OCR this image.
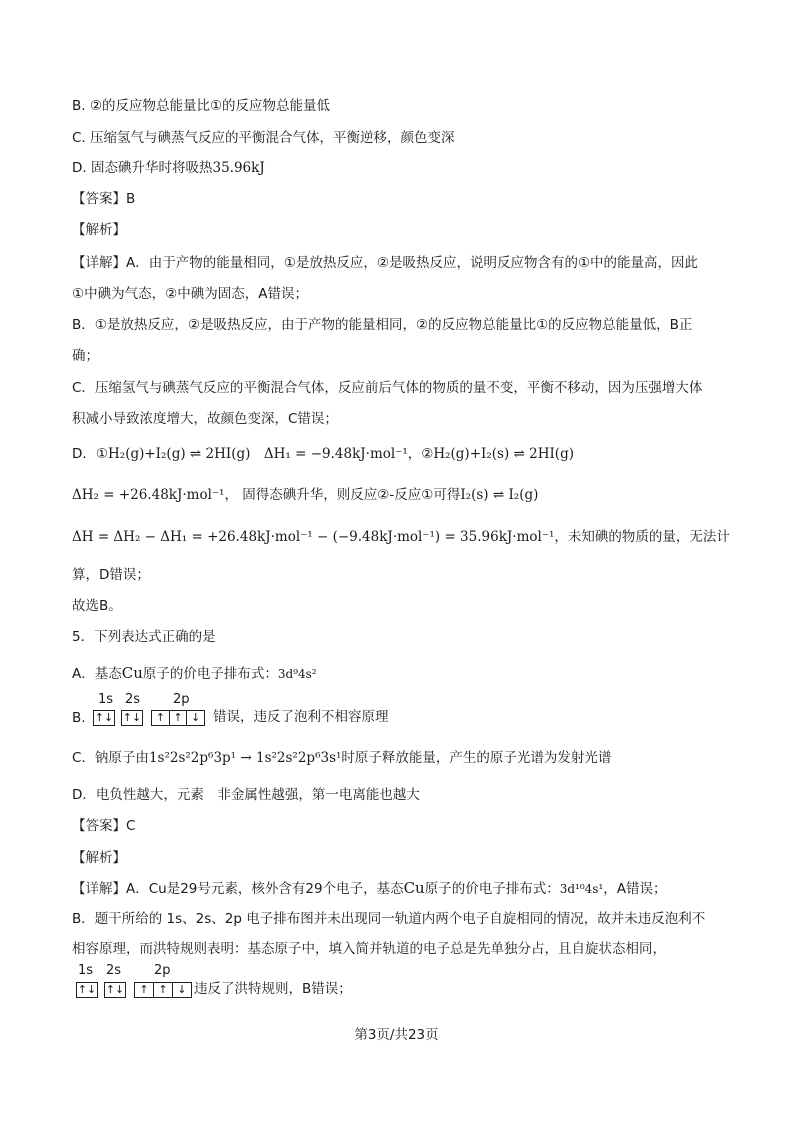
B. ②的反应物总能量比①的反应物总能量低
C. 压缩氢气与碘蒸气反应的平衡混合气体，平衡逆移，颜色变深
D. 固态碘升华时将吸热35.96kJ
【答案】B
【解析】
【详解】A．由于产物的能量相同，①是放热反应，②是吸热反应，说明反应物含有的①中的能量高，因此
①中碘为气态，②中碘为固态，A错误；
B．①是放热反应，②是吸热反应，由于产物的能量相同，②的反应物总能量比①的反应物总能量低，B正
确；
C．压缩氢气与碘蒸气反应的平衡混合气体，反应前后气体的物质的量不变，平衡不移动，因为压强增大体
积减小导致浓度增大，故颜色变深，C错误；
D．①H₂(g)+I₂(g) ⇌ 2HI(g)　ΔH₁ = −9.48kJ·mol⁻¹，②H₂(g)+I₂(s) ⇌ 2HI(g)
ΔH₂ = +26.48kJ·mol⁻¹， 固得态碘升华，则反应②-反应①可得I₂(s) ⇌ I₂(g)
ΔH = ΔH₂ − ΔH₁ = +26.48kJ·mol⁻¹ − (−9.48kJ·mol⁻¹) = 35.96kJ·mol⁻¹，未知碘的物质的量，无法计
算，D错误；
故选B。
5．下列表达式正确的是
A．基态Cu原子的价电子排布式：3d⁹4s²
1s 2s	2p
B. ↑↓ ↑↓	↑ ↑ ↓ 错误，违反了泡利不相容原理
C．钠原子由1s²2s²2p⁶3p¹ → 1s²2s²2p⁶3s¹时原子释放能量，产生的原子光谱为发射光谱
D．电负性越大，元素　非金属性越强，第一电离能也越大
【答案】C
【解析】
【详解】A．Cu是29号元素，核外含有29个电子，基态Cu原子的价电子排布式：3d¹⁰4s¹，A错误；
B．题干所给的 1s、2s、2p 电子排布图并未出现同一轨道内两个电子自旋相同的情况，故并未违反泡利不
相容原理，而洪特规则表明：基态原子中，填入简并轨道的电子总是先单独分占，且自旋状态相同，
1s 2s	2p
↑↓ ↑↓	↑ ↑ ↓ 违反了洪特规则，B错误；
第3页/共23页
